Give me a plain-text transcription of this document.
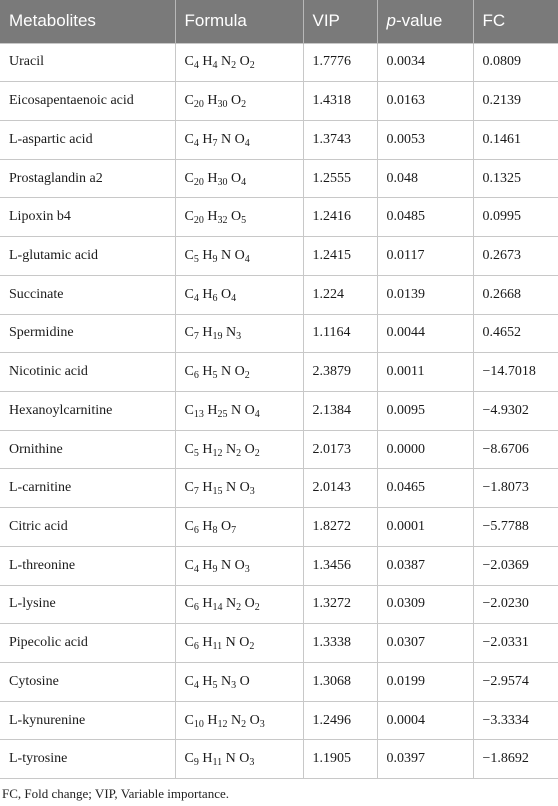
Metabolites	Formula	VIP	p-value	FC
Uracil	$C_4$ $H_4$ $N_2$ $O_2$	1.7776	0.0034	0.0809
Eicosapentaenoic acid	$C_{20}$ $H_{30}$ $O_2$	1.4318	0.0163	0.2139
L-aspartic acid	$C_4$ $H_7$ N $O_4$	1.3743	0.0053	0.1461
Prostaglandin a2	$C_{20}$ $H_{30}$ $O_4$	1.2555	0.048	0.1325
Lipoxin b4	$C_{20}$ $H_{32}$ $O_5$	1.2416	0.0485	0.0995
L-glutamic acid	$C_5$ $H_9$ N $O_4$	1.2415	0.0117	0.2673
Succinate	$C_4$ $H_6$ $O_4$	1.224	0.0139	0.2668
Spermidine	$C_7$ $H_{19}$ $N_3$	1.1164	0.0044	0.4652
Nicotinic acid	$C_6$ $H_5$ N $O_2$	2.3879	0.0011	−14.7018
Hexanoylcarnitine	$C_{13}$ $H_{25}$ N $O_4$	2.1384	0.0095	−4.9302
Ornithine	$C_5$ $H_{12}$ $N_2$ $O_2$	2.0173	0.0000	−8.6706
L-carnitine	$C_7$ $H_{15}$ N $O_3$	2.0143	0.0465	−1.8073
Citric acid	$C_6$ $H_8$ $O_7$	1.8272	0.0001	−5.7788
L-threonine	$C_4$ $H_9$ N $O_3$	1.3456	0.0387	−2.0369
L-lysine	$C_6$ $H_{14}$ $N_2$ $O_2$	1.3272	0.0309	−2.0230
Pipecolic acid	$C_6$ $H_{11}$ N $O_2$	1.3338	0.0307	−2.0331
Cytosine	$C_4$ $H_5$ $N_3$ O	1.3068	0.0199	−2.9574
L-kynurenine	$C_{10}$ $H_{12}$ $N_2$ $O_3$	1.2496	0.0004	−3.3334
L-tyrosine	$C_9$ $H_{11}$ N $O_3$	1.1905	0.0397	−1.8692
FC, Fold change; VIP, Variable importance.
